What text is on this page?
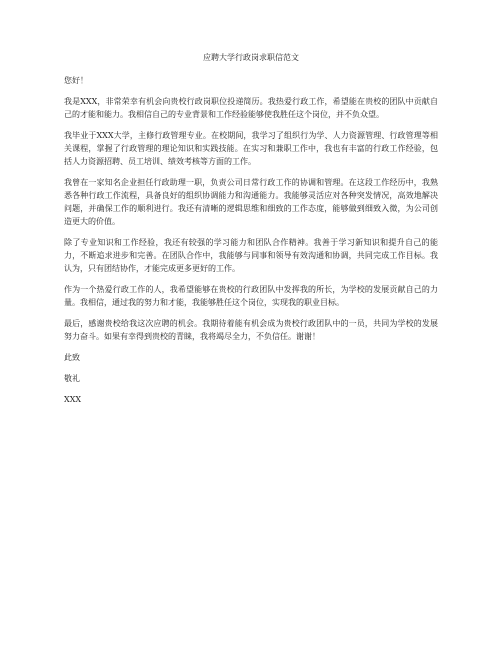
应聘大学行政岗求职信范文
您好！
我是XXX，非常荣幸有机会向贵校行政岗职位投递简历。我热爱行政工作，希望能在贵校的团队中贡献自己的才能和能力。我相信自己的专业背景和工作经验能够使我胜任这个岗位，并不负众望。
我毕业于XXX大学，主修行政管理专业。在校期间，我学习了组织行为学、人力资源管理、行政管理等相关课程，掌握了行政管理的理论知识和实践技能。在实习和兼职工作中，我也有丰富的行政工作经验，包括人力资源招聘、员工培训、绩效考核等方面的工作。
我曾在一家知名企业担任行政助理一职，负责公司日常行政工作的协调和管理。在这段工作经历中，我熟悉各种行政工作流程，具备良好的组织协调能力和沟通能力。我能够灵活应对各种突发情况，高效地解决问题，并确保工作的顺利进行。我还有清晰的逻辑思维和细致的工作态度，能够做到细致入微，为公司创造更大的价值。
除了专业知识和工作经验，我还有较强的学习能力和团队合作精神。我善于学习新知识和提升自己的能力，不断追求进步和完善。在团队合作中，我能够与同事和领导有效沟通和协调，共同完成工作目标。我认为，只有团结协作，才能完成更多更好的工作。
作为一个热爱行政工作的人，我希望能够在贵校的行政团队中发挥我的所长，为学校的发展贡献自己的力量。我相信，通过我的努力和才能，我能够胜任这个岗位，实现我的职业目标。
最后，感谢贵校给我这次应聘的机会。我期待着能有机会成为贵校行政团队中的一员，共同为学校的发展努力奋斗。如果有幸得到贵校的青睐，我将竭尽全力，不负信任。谢谢！
此致
敬礼
XXX
